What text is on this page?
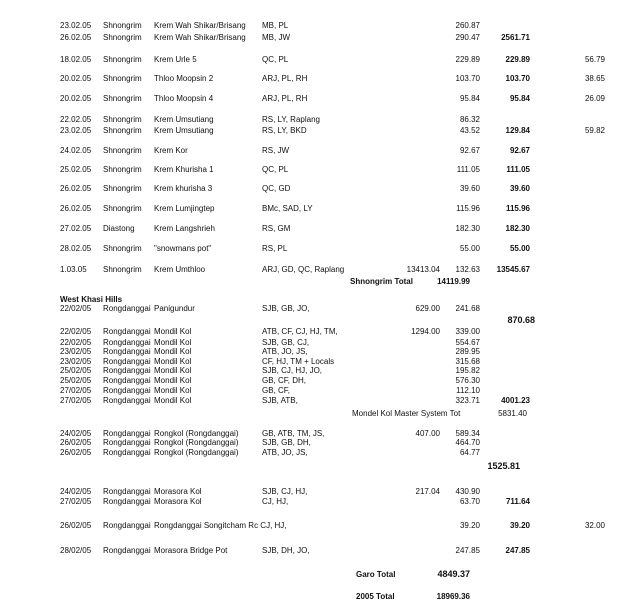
23.02.05 Shnongrim Krem Wah Shikar/Brisang MB, PL	260.87
26.02.05 Shnongrim Krem Wah Shikar/Brisang MB, JW	290.47	2561.71
18.02.05 Shnongrim Krem Urle 5	QC, PL	229.89	229.89	56.79
20.02.05 Shnongrim Thloo Moopsin 2	ARJ, PL, RH	103.70	103.70	38.65
20.02.05 Shnongrim Thloo Moopsin 4	ARJ, PL, RH	95.84	95.84	26.09
22.02.05 Shnongrim Krem Umsutiang	RS, LY, Raplang	86.32
23.02.05 Shnongrim Krem Umsutiang	RS, LY, BKD	43.52	129.84	59.82
24.02.05 Shnongrim Krem Kor	RS, JW	92.67	92.67
25.02.05 Shnongrim Krem Khurisha 1	QC, PL	111.05	111.05
26.02.05 Shnongrim Krem khurisha 3	QC, GD	39.60	39.60
26.02.05 Shnongrim Krem Lumjingtep	BMc, SAD, LY	115.96	115.96
27.02.05 Diastong Krem Langshrieh	RS, GM	182.30	182.30
28.02.05 Shnongrim "snowmans pot"	RS, PL	55.00	55.00
1.03.05 Shnongrim Krem Umthloo	ARJ, GD, QC, Raplang	13413.04	132.63	13545.67
22/02/05 Rongdanggai Panigundur	SJB, GB, JO,	629.00	241.68
22/02/05 Rongdanggai Mondil Kol	ATB, CF, CJ, HJ, TM,	1294.00	339.00
22/02/05 Rongdanggai Mondil Kol	SJB, GB, CJ,	554.67
23/02/05 Rongdanggai Mondil Kol	ATB, JO, JS,	289.95
23/02/05 Rongdanggai Mondil Kol	CF, HJ, TM + Locals	315.68
25/02/05 Rongdanggai Mondil Kol	SJB, CJ, HJ, JO,	195.82
25/02/05 Rongdanggai Mondil Kol	GB, CF, DH,	576.30
27/02/05 Rongdanggai Mondil Kol	GB, CF,	112.10
27/02/05 Rongdanggai Mondil Kol	SJB, ATB,	323.71	4001.23
24/02/05 Rongdanggai Rongkol (Rongdanggai)	GB, ATB, TM, JS,	407.00	589.34
26/02/05 Rongdanggai Rongkol (Rongdanggai)	SJB, GB, DH,	464.70
26/02/05 Rongdanggai Rongkol (Rongdanggai)	ATB, JO, JS,	64.77
24/02/05 Rongdanggai Morasora Kol	SJB, CJ, HJ,	217.04	430.90
27/02/05 Rongdanggai Morasora Kol	CJ, HJ,	63.70	711.64
26/02/05 Rongdanggai Rongdanggai Songitcham Rc CJ, HJ,	39.20	39.20	32.00
28/02/05 Rongdanggai Morasora Bridge Pot	SJB, DH, JO,	247.85	247.85
Shnongrim Total	14119.99
West Khasi Hills
870.68
Mondel Kol Master System Tot	5831.40
1525.81
Garo Total	4849.37
2005 Total	18969.36
